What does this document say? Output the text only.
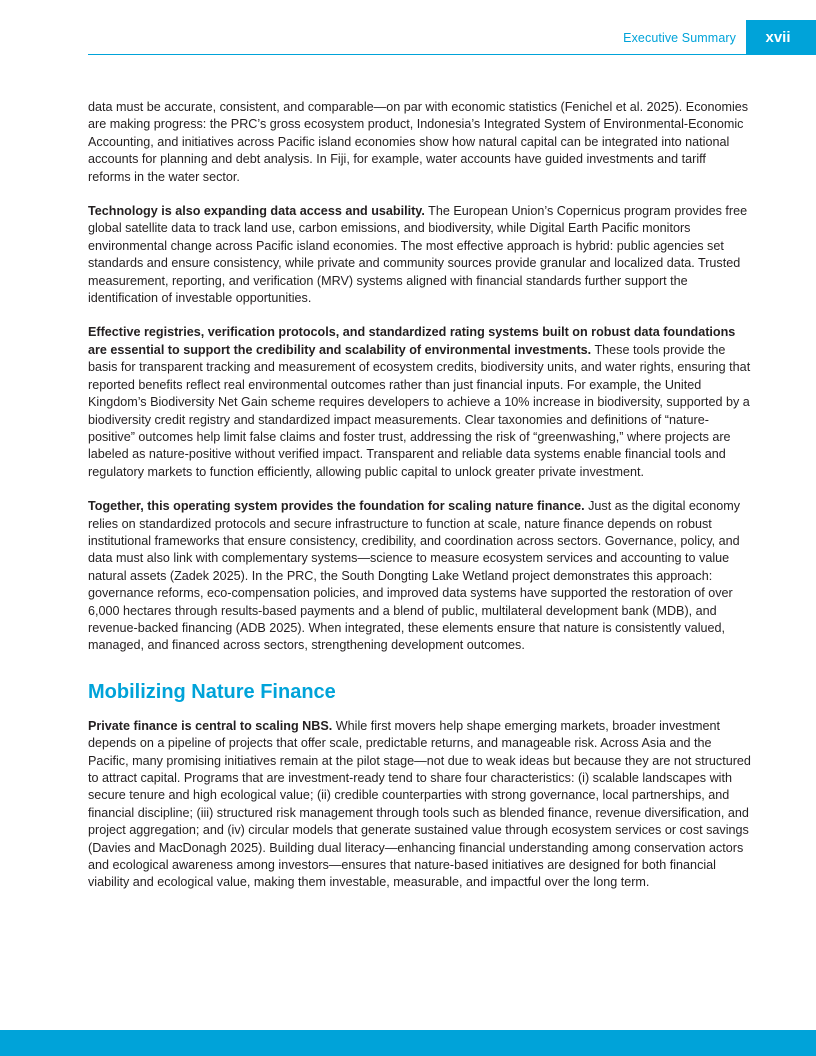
Executive Summary xvii

data must be accurate, consistent, and comparable—on par with economic statistics (Fenichel et al. 2025). Economies are making progress: the PRC’s gross ecosystem product, Indonesia’s Integrated System of Environmental-Economic Accounting, and initiatives across Pacific island economies show how natural capital can be integrated into national accounts for planning and debt analysis. In Fiji, for example, water accounts have guided investments and tariff reforms in the water sector.

Technology is also expanding data access and usability. The European Union’s Copernicus program provides free global satellite data to track land use, carbon emissions, and biodiversity, while Digital Earth Pacific monitors environmental change across Pacific island economies. The most effective approach is hybrid: public agencies set standards and ensure consistency, while private and community sources provide granular and localized data. Trusted measurement, reporting, and verification (MRV) systems aligned with financial standards further support the identification of investable opportunities.

Effective registries, verification protocols, and standardized rating systems built on robust data foundations are essential to support the credibility and scalability of environmental investments. These tools provide the basis for transparent tracking and measurement of ecosystem credits, biodiversity units, and water rights, ensuring that reported benefits reflect real environmental outcomes rather than just financial inputs. For example, the United Kingdom’s Biodiversity Net Gain scheme requires developers to achieve a 10% increase in biodiversity, supported by a biodiversity credit registry and standardized impact measurements. Clear taxonomies and definitions of “nature-positive” outcomes help limit false claims and foster trust, addressing the risk of “greenwashing,” where projects are labeled as nature-positive without verified impact. Transparent and reliable data systems enable financial tools and regulatory markets to function efficiently, allowing public capital to unlock greater private investment.

Together, this operating system provides the foundation for scaling nature finance. Just as the digital economy relies on standardized protocols and secure infrastructure to function at scale, nature finance depends on robust institutional frameworks that ensure consistency, credibility, and coordination across sectors. Governance, policy, and data must also link with complementary systems—science to measure ecosystem services and accounting to value natural assets (Zadek 2025). In the PRC, the South Dongting Lake Wetland project demonstrates this approach: governance reforms, eco-compensation policies, and improved data systems have supported the restoration of over 6,000 hectares through results-based payments and a blend of public, multilateral development bank (MDB), and revenue-backed financing (ADB 2025). When integrated, these elements ensure that nature is consistently valued, managed, and financed across sectors, strengthening development outcomes.

Mobilizing Nature Finance

Private finance is central to scaling NBS. While first movers help shape emerging markets, broader investment depends on a pipeline of projects that offer scale, predictable returns, and manageable risk. Across Asia and the Pacific, many promising initiatives remain at the pilot stage—not due to weak ideas but because they are not structured to attract capital. Programs that are investment-ready tend to share four characteristics: (i) scalable landscapes with secure tenure and high ecological value; (ii) credible counterparties with strong governance, local partnerships, and financial discipline; (iii) structured risk management through tools such as blended finance, revenue diversification, and project aggregation; and (iv) circular models that generate sustained value through ecosystem services or cost savings (Davies and MacDonagh 2025). Building dual literacy—enhancing financial understanding among conservation actors and ecological awareness among investors—ensures that nature-based initiatives are designed for both financial viability and ecological value, making them investable, measurable, and impactful over the long term.
